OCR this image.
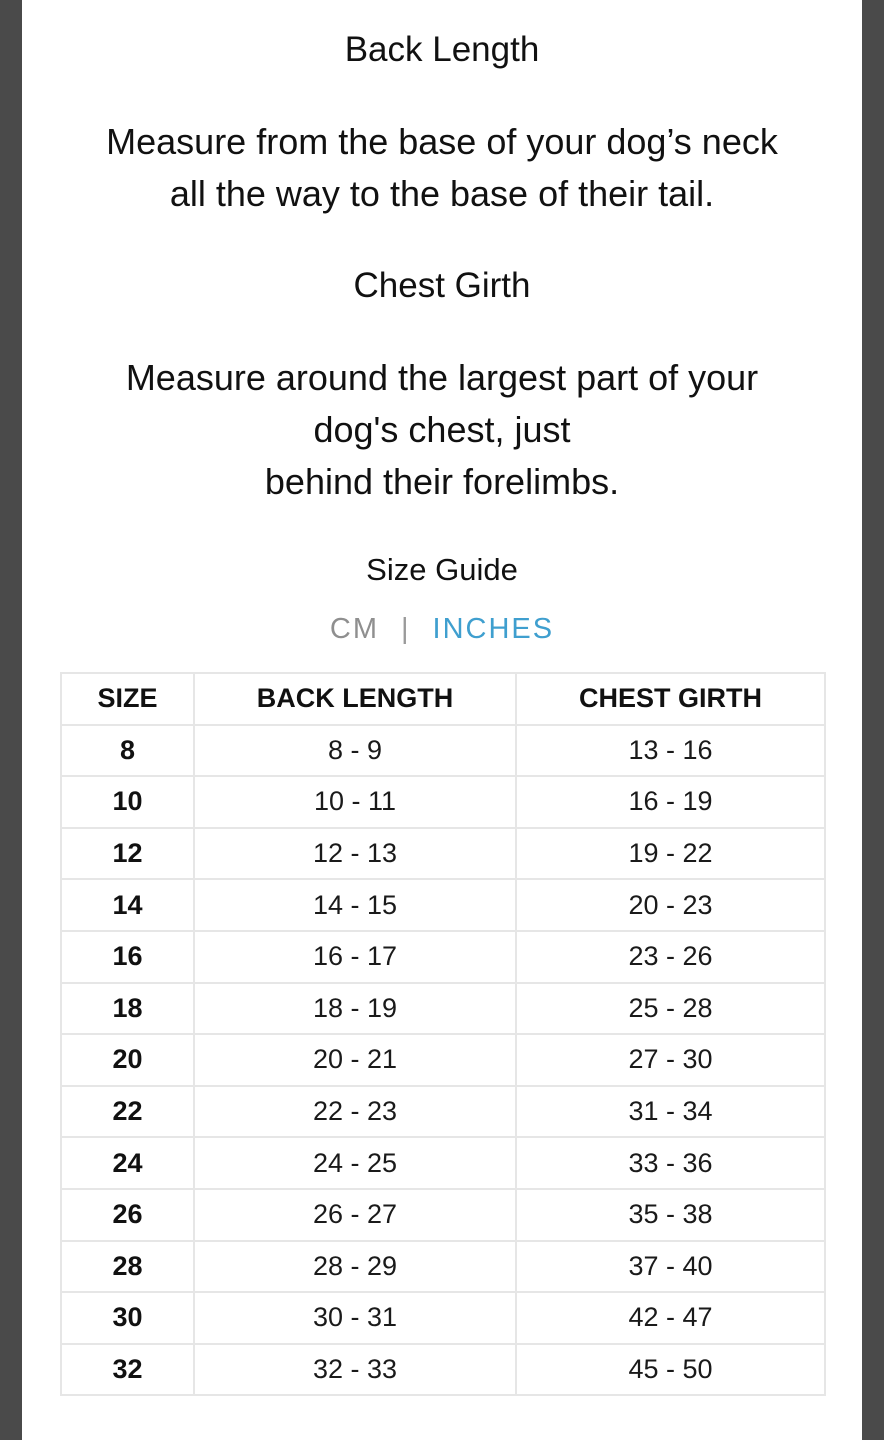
Back Length
Measure from the base of your dog’s neck
all the way to the base of their tail.
Chest Girth
Measure around the largest part of your
dog's chest, just
behind their forelimbs.
Size Guide
CM | INCHES
SIZE	BACK LENGTH	CHEST GIRTH
8	8 - 9	13 - 16
10	10 - 11	16 - 19
12	12 - 13	19 - 22
14	14 - 15	20 - 23
16	16 - 17	23 - 26
18	18 - 19	25 - 28
20	20 - 21	27 - 30
22	22 - 23	31 - 34
24	24 - 25	33 - 36
26	26 - 27	35 - 38
28	28 - 29	37 - 40
30	30 - 31	42 - 47
32	32 - 33	45 - 50
